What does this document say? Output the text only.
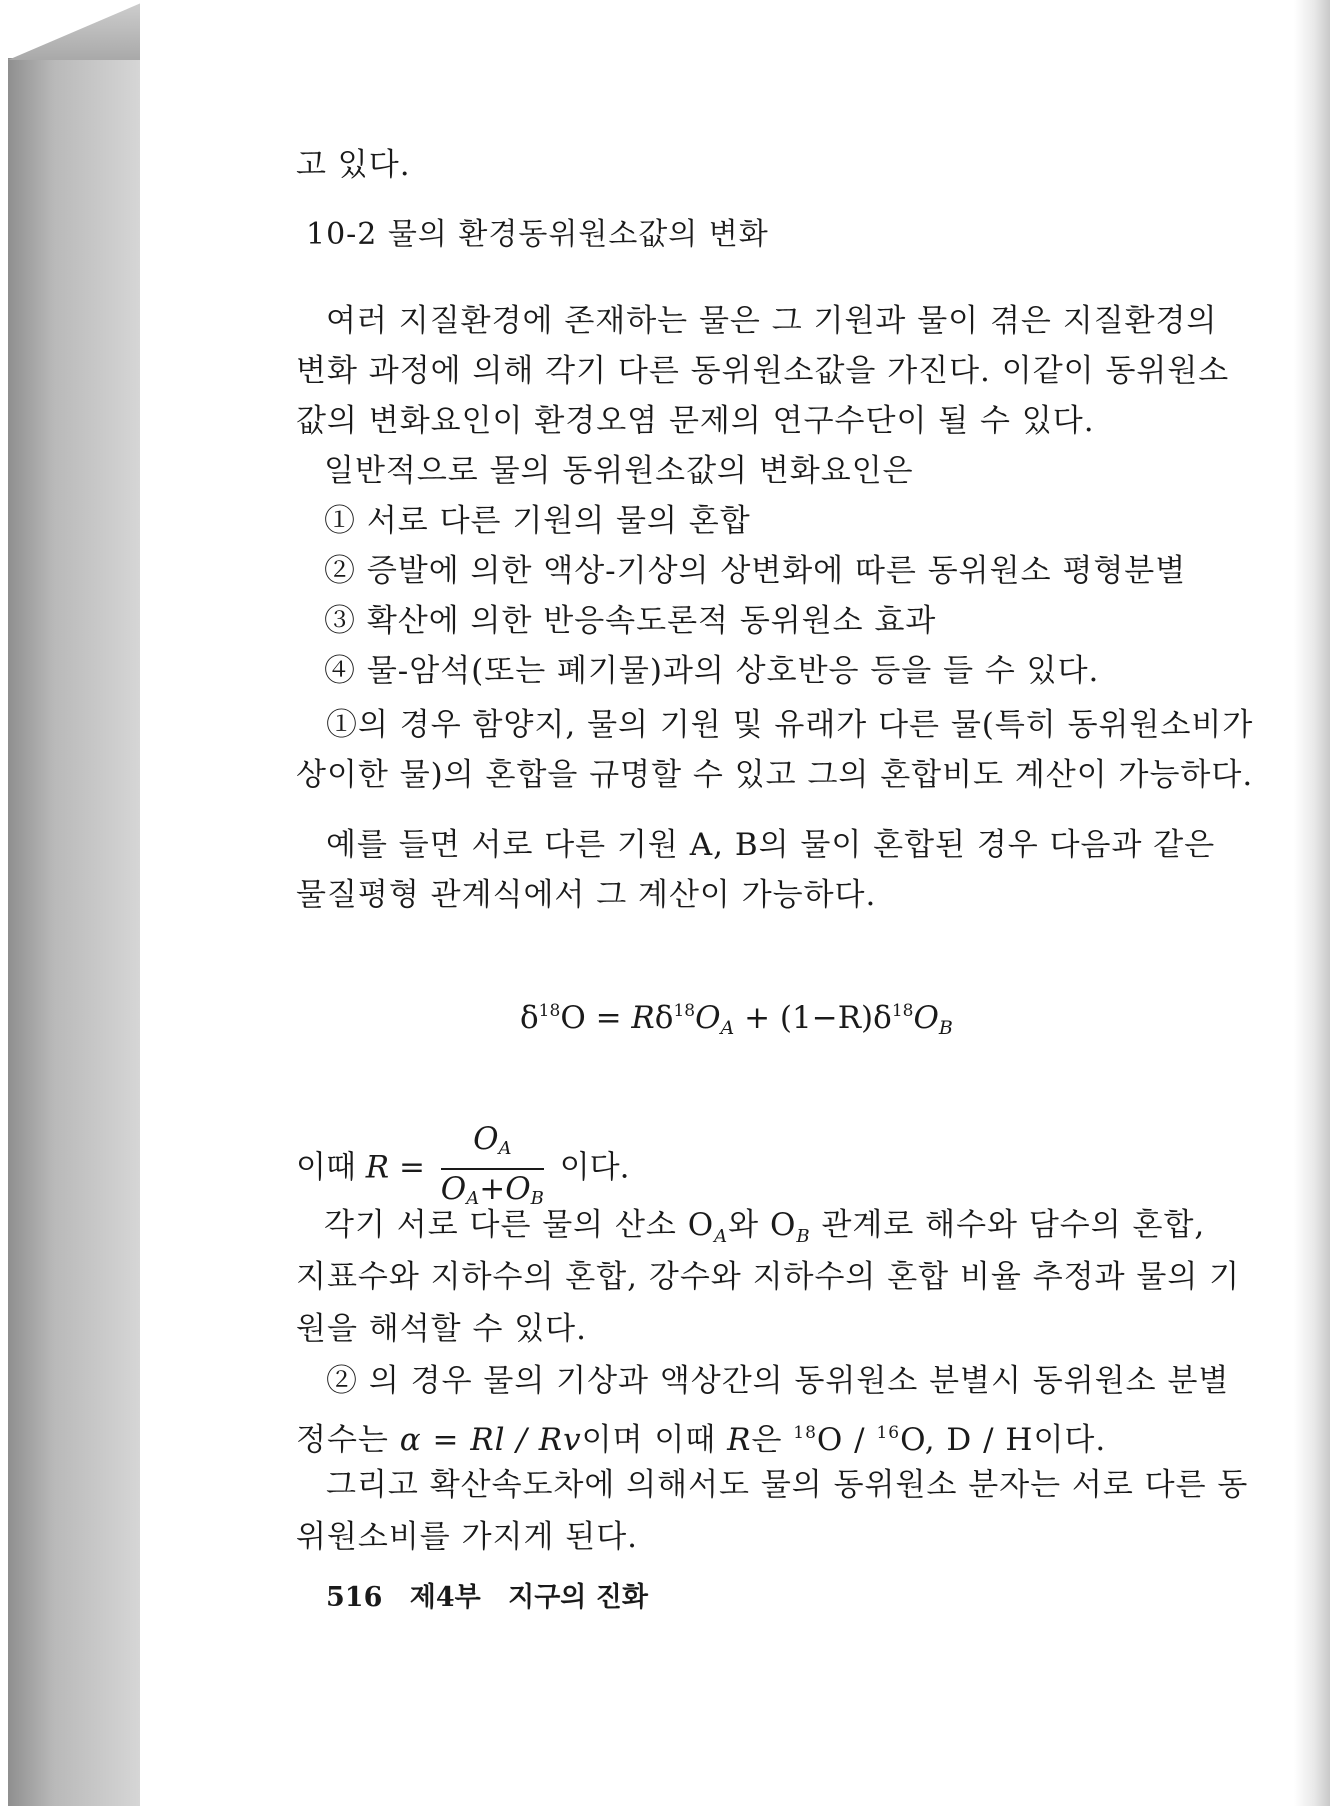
고 있다.
10-2 물의 환경동위원소값의 변화
여러 지질환경에 존재하는 물은 그 기원과 물이 겪은 지질환경의
변화 과정에 의해 각기 다른 동위원소값을 가진다. 이같이 동위원소
값의 변화요인이 환경오염 문제의 연구수단이 될 수 있다.
일반적으로 물의 동위원소값의 변화요인은
① 서로 다른 기원의 물의 혼합
② 증발에 의한 액상-기상의 상변화에 따른 동위원소 평형분별
③ 확산에 의한 반응속도론적 동위원소 효과
④ 물-암석(또는 폐기물)과의 상호반응 등을 들 수 있다.
①의 경우 함양지, 물의 기원 및 유래가 다른 물(특히 동위원소비가
상이한 물)의 혼합을 규명할 수 있고 그의 혼합비도 계산이 가능하다.
예를 들면 서로 다른 기원 A, B의 물이 혼합된 경우 다음과 같은
물질평형 관계식에서 그 계산이 가능하다.
각기 서로 다른 물의 산소 $O_A$와 $O_B$ 관계로 해수와 담수의 혼합,
지표수와 지하수의 혼합, 강수와 지하수의 혼합 비율 추정과 물의 기
원을 해석할 수 있다.
② 의 경우 물의 기상과 액상간의 동위원소 분별시 동위원소 분별
정수는 α = Rl / Rv이며 이때 R은 $^{18}$O / $^{16}$O, D / H이다.
그리고 확산속도차에 의해서도 물의 동위원소 분자는 서로 다른 동
위원소비를 가지게 된다.
$\delta^{18}O = R\delta^{18}O_A + (1-R)\delta^{18}O_B$
이때 $R = \frac{O_A}{O_A+O_B}$ 이다.
516 제4부 지구의 진화
